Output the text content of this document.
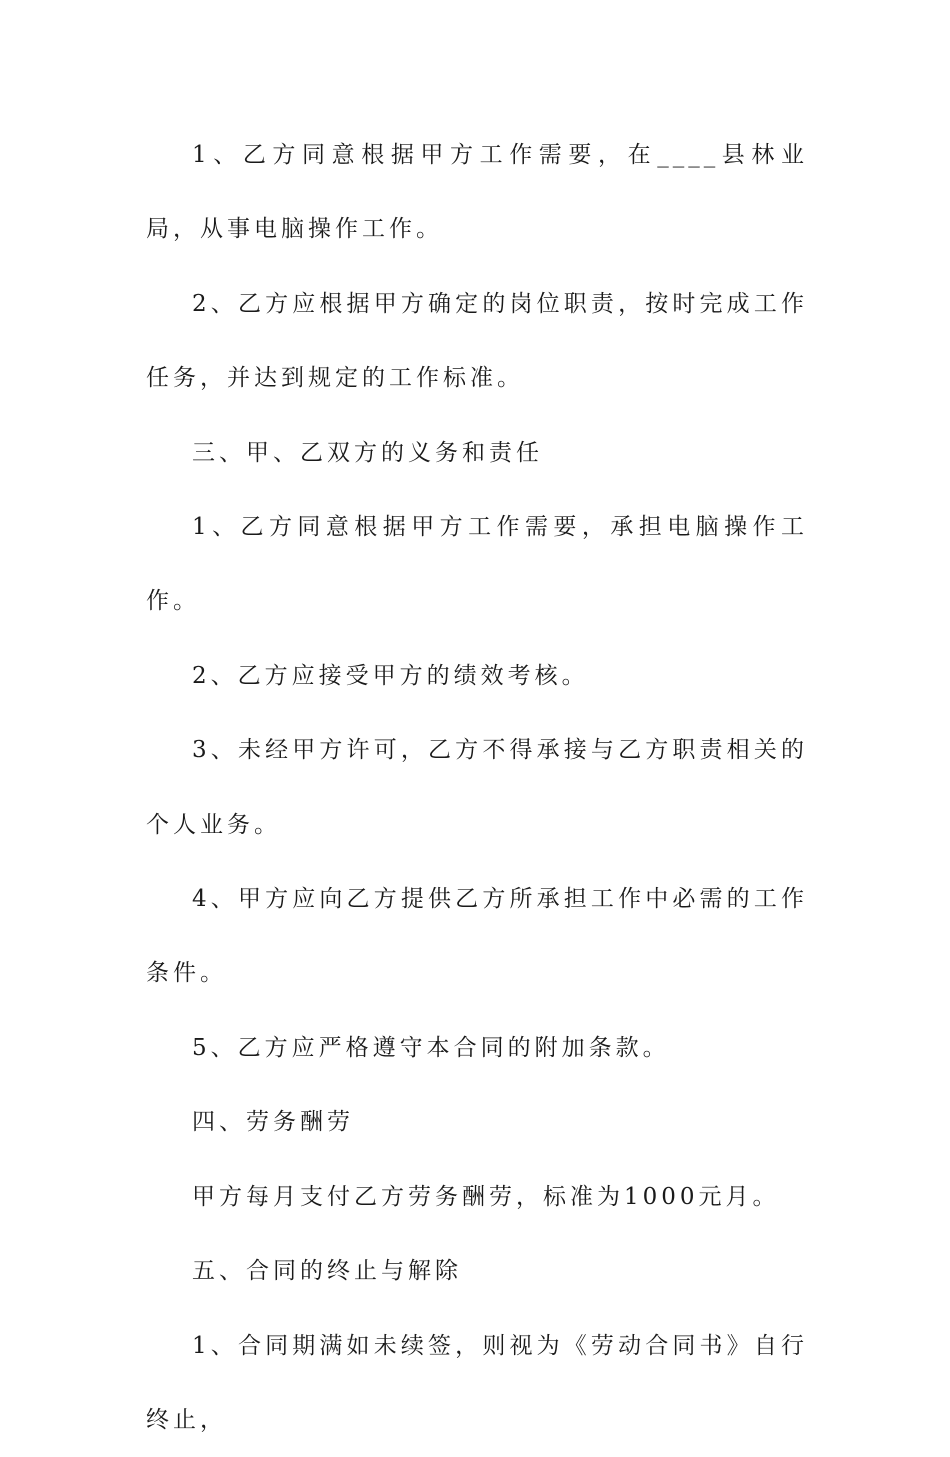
1、乙方同意根据甲方工作需要，在____县林业局，从事电脑操作工作。

2、乙方应根据甲方确定的岗位职责，按时完成工作任务，并达到规定的工作标准。

三、甲、乙双方的义务和责任

1、乙方同意根据甲方工作需要，承担电脑操作工作。

2、乙方应接受甲方的绩效考核。

3、未经甲方许可，乙方不得承接与乙方职责相关的个人业务。

4、甲方应向乙方提供乙方所承担工作中必需的工作条件。

5、乙方应严格遵守本合同的附加条款。

四、劳务酬劳

甲方每月支付乙方劳务酬劳，标准为1000元月。

五、合同的终止与解除

1、合同期满如未续签，则视为《劳动合同书》自行终止，
